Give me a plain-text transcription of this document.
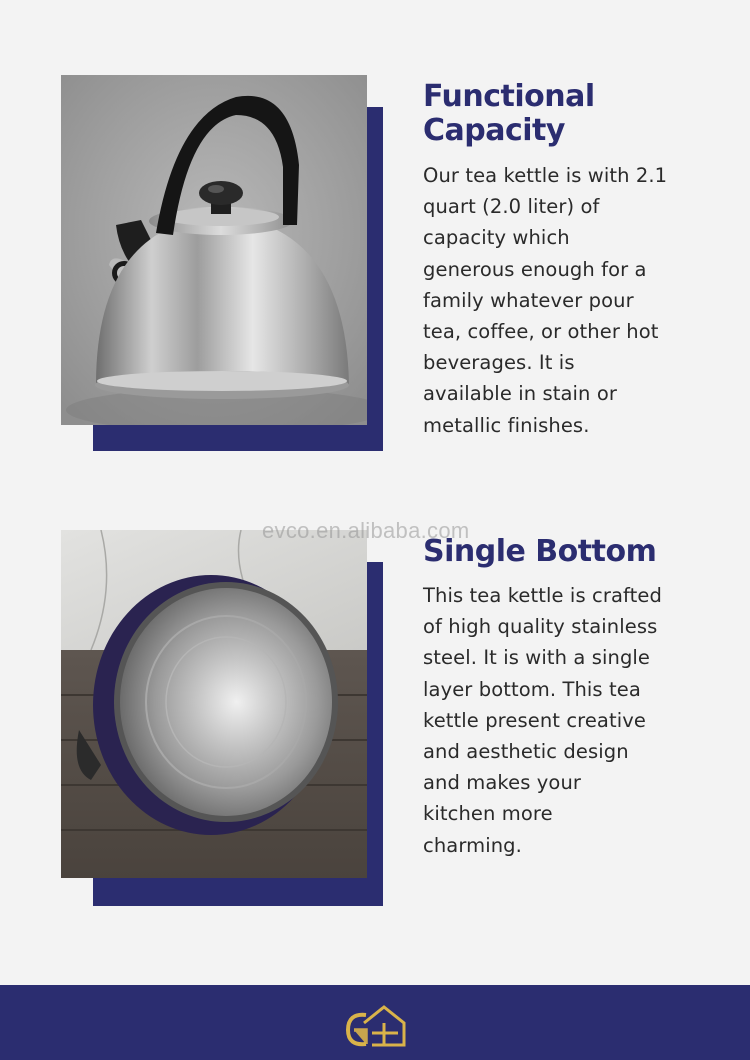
Functional
Capacity

Our tea kettle is with 2.1
quart (2.0 liter) of
capacity which
generous enough for a
family whatever pour
tea, coffee, or other hot
beverages. It is
available in stain or
metallic finishes.

evco.en.alibaba.com
Single Bottom

This tea kettle is crafted
of high quality stainless
steel. It is with a single
layer bottom. This tea
kettle present creative
and aesthetic design
and makes your
kitchen more
charming.
